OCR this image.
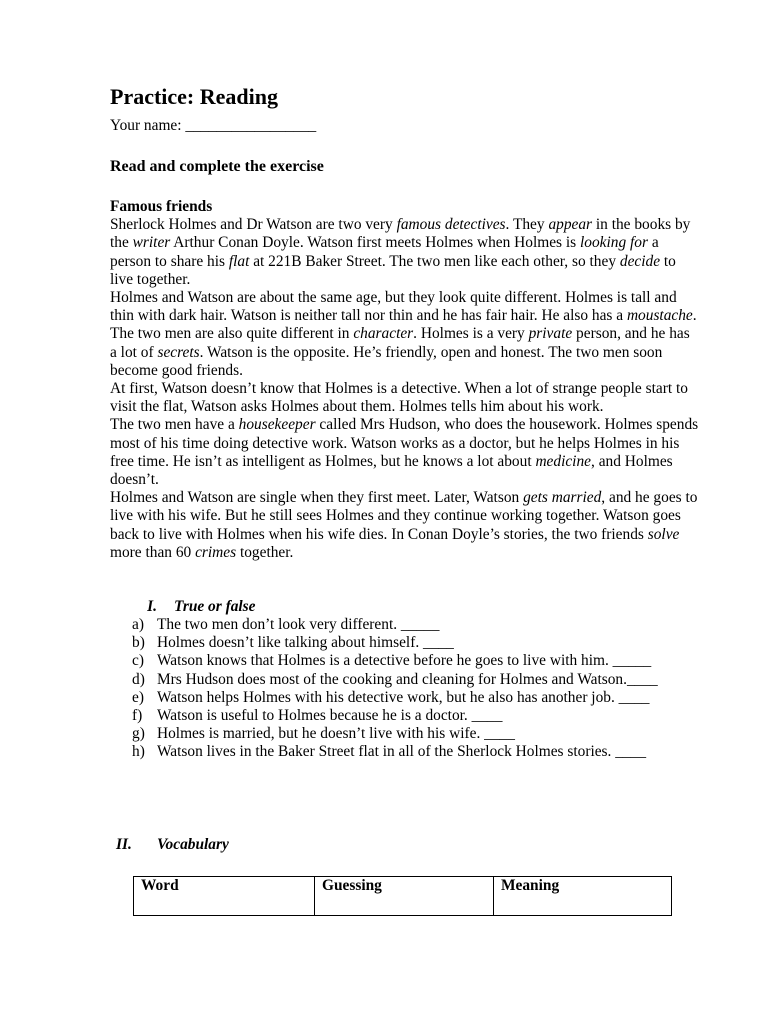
Practice: Reading
Your name: _________________
Read and complete the exercise
Famous friends

Sherlock Holmes and Dr Watson are two very famous detectives. They appear in the books by the writer Arthur Conan Doyle. Watson first meets Holmes when Holmes is looking for a person to share his flat at 221B Baker Street. The two men like each other, so they decide to live together.

Holmes and Watson are about the same age, but they look quite different. Holmes is tall and thin with dark hair. Watson is neither tall nor thin and he has fair hair. He also has a moustache. The two men are also quite different in character. Holmes is a very private person, and he has a lot of secrets. Watson is the opposite. He’s friendly, open and honest. The two men soon become good friends.

At first, Watson doesn’t know that Holmes is a detective. When a lot of strange people start to visit the flat, Watson asks Holmes about them. Holmes tells him about his work.

The two men have a housekeeper called Mrs Hudson, who does the housework. Holmes spends most of his time doing detective work. Watson works as a doctor, but he helps Holmes in his free time. He isn’t as intelligent as Holmes, but he knows a lot about medicine, and Holmes doesn’t.

Holmes and Watson are single when they first meet. Later, Watson gets married, and he goes to live with his wife. But he still sees Holmes and they continue working together. Watson goes back to live with Holmes when his wife dies. In Conan Doyle’s stories, the two friends solve more than 60 crimes together.

I. True or false
a) The two men don’t look very different. _____
b) Holmes doesn’t like talking about himself. ____
c) Watson knows that Holmes is a detective before he goes to live with him. _____
d) Mrs Hudson does most of the cooking and cleaning for Holmes and Watson.____
e) Watson helps Holmes with his detective work, but he also has another job. ____
f) Watson is useful to Holmes because he is a doctor. ____
g) Holmes is married, but he doesn’t live with his wife. ____
h) Watson lives in the Baker Street flat in all of the Sherlock Holmes stories. ____
II. Vocabulary
Word	Guessing	Meaning
